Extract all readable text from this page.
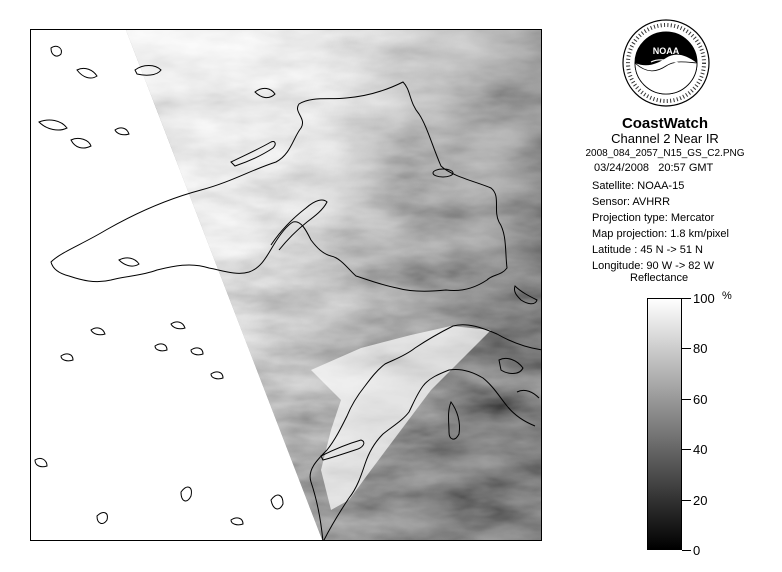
NOAA
CoastWatch
Channel 2 Near IR
2008_084_2057_N15_GS_C2.PNG
03/24/2008 20:57 GMT
Satellite: NOAA-15
Sensor: AVHRR
Projection type: Mercator
Map projection: 1.8 km/pixel
Latitude : 45 N -> 51 N
Longitude: 90 W -> 82 W
Reflectance
%
100
80
60
40
20
0
